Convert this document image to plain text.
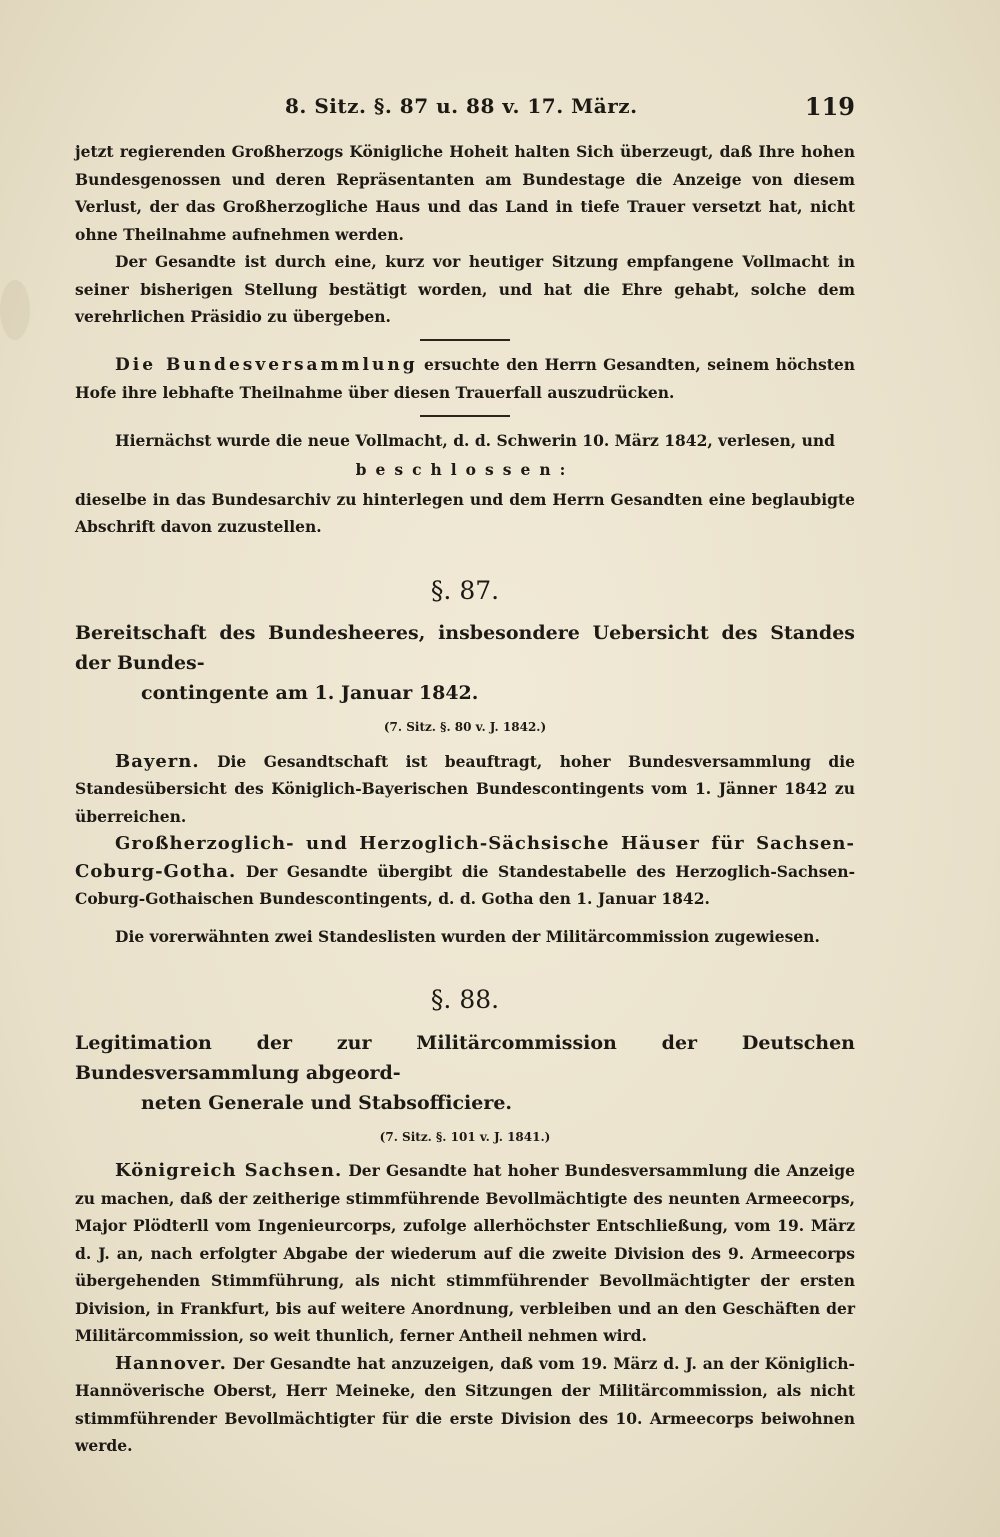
8. Sitz. §. 87 u. 88 v. 17. März.	119

jetzt regierenden Großherzogs Königliche Hoheit halten Sich überzeugt, daß Ihre hohen Bundesgenossen und deren Repräsentanten am Bundestage die Anzeige von diesem Verlust, der das Großherzogliche Haus und das Land in tiefe Trauer versetzt hat, nicht ohne Theilnahme aufnehmen werden.

Der Gesandte ist durch eine, kurz vor heutiger Sitzung empfangene Vollmacht in seiner bisherigen Stellung bestätigt worden, und hat die Ehre gehabt, solche dem verehrlichen Präsidio zu übergeben.

Die Bundesversammlung ersuchte den Herrn Gesandten, seinem höchsten Hofe ihre lebhafte Theilnahme über diesen Trauerfall auszudrücken.

Hiernächst wurde die neue Vollmacht, d. d. Schwerin 10. März 1842, verlesen, und

beschlossen:

dieselbe in das Bundesarchiv zu hinterlegen und dem Herrn Gesandten eine beglaubigte Abschrift davon zuzustellen.

§. 87.

Bereitschaft des Bundesheeres, insbesondere Uebersicht des Standes der Bundes-
contingente am 1. Januar 1842.

(7. Sitz. §. 80 v. J. 1842.)

Bayern. Die Gesandtschaft ist beauftragt, hoher Bundesversammlung die Standesübersicht des Königlich-Bayerischen Bundescontingents vom 1. Jänner 1842 zu überreichen.

Großherzoglich- und Herzoglich-Sächsische Häuser für Sachsen-Coburg-Gotha. Der Gesandte übergibt die Standestabelle des Herzoglich-Sachsen-Coburg-Gothaischen Bundescontingents, d. d. Gotha den 1. Januar 1842.

Die vorerwähnten zwei Standeslisten wurden der Militärcommission zugewiesen.

§. 88.

Legitimation der zur Militärcommission der Deutschen Bundesversammlung abgeord-
neten Generale und Stabsofficiere.

(7. Sitz. §. 101 v. J. 1841.)

Königreich Sachsen. Der Gesandte hat hoher Bundesversammlung die Anzeige zu machen, daß der zeitherige stimmführende Bevollmächtigte des neunten Armeecorps, Major Plödterll vom Ingenieurcorps, zufolge allerhöchster Entschließung, vom 19. März d. J. an, nach erfolgter Abgabe der wiederum auf die zweite Division des 9. Armeecorps übergehenden Stimmführung, als nicht stimmführender Bevollmächtigter der ersten Division, in Frankfurt, bis auf weitere Anordnung, verbleiben und an den Geschäften der Militärcommission, so weit thunlich, ferner Antheil nehmen wird.

Hannover. Der Gesandte hat anzuzeigen, daß vom 19. März d. J. an der Königlich-Hannöverische Oberst, Herr Meineke, den Sitzungen der Militärcommission, als nicht stimmführender Bevollmächtigter für die erste Division des 10. Armeecorps beiwohnen werde.
